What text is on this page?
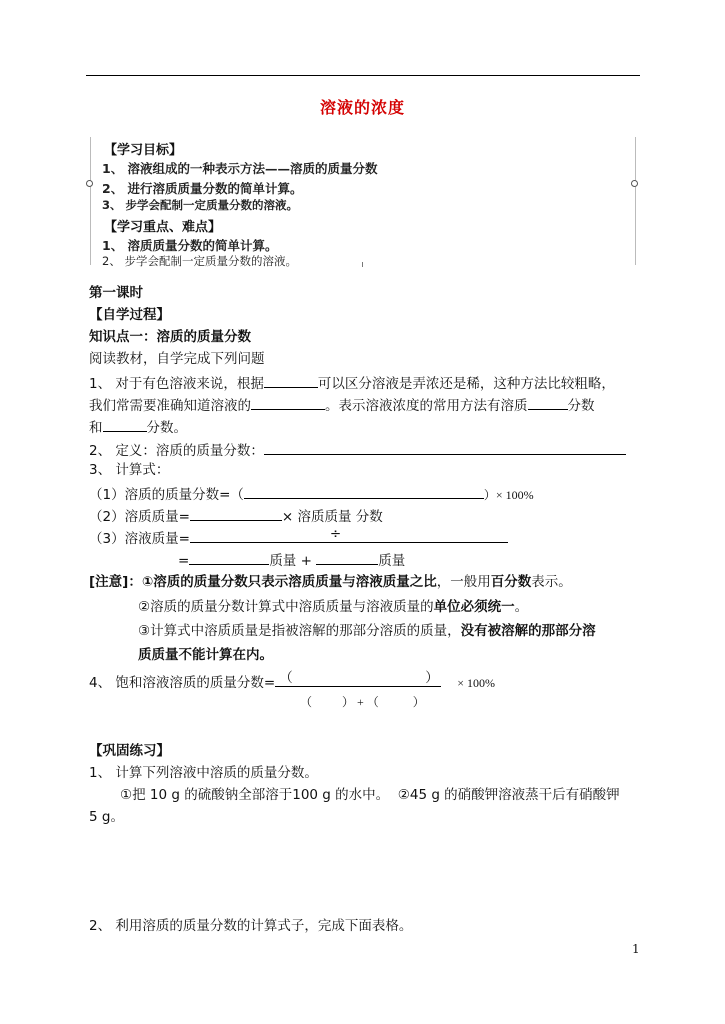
溶液的浓度
【学习目标】
1、 溶液组成的一种表示方法——溶质的质量分数
2、 进行溶质质量分数的简单计算。
3、 步学会配制一定质量分数的溶液。
【学习重点、难点】
1、 溶质质量分数的简单计算。
2、 步学会配制一定质量分数的溶液。
第一课时
【自学过程】
知识点一：溶质的质量分数
阅读教材，自学完成下列问题
1、 对于有色溶液来说，根据	可以区分溶液是弄浓还是稀，这种方法比较粗略，
我们常需要准确知道溶液的	。表示溶液浓度的常用方法有溶质	分数
和	分数。
2、 定义：溶质的质量分数：
3、 计算式：
（1）溶质的质量分数=（	）× 100%
（2）溶质质量=	× 溶质质量 分数
（3）溶液质量=	÷
=	质量 +	质量
[注意]：①溶质的质量分数只表示溶质质量与溶液质量之比，一般用百分数表示。
②溶质的质量分数计算式中溶质质量与溶液质量的单位必须统一。
③计算式中溶质质量是指被溶解的那部分溶质的质量，没有被溶解的那部分溶
质质量不能计算在内。
4、 饱和溶液溶质的质量分数= （	） × 100%
（	） + （	）
【巩固练习】
1、 计算下列溶液中溶质的质量分数。
①把 10 g 的硫酸钠全部溶于100 g 的水中。 ②45 g 的硝酸钾溶液蒸干后有硝酸钾
5 g。
2、 利用溶质的质量分数的计算式子，完成下面表格。
1
